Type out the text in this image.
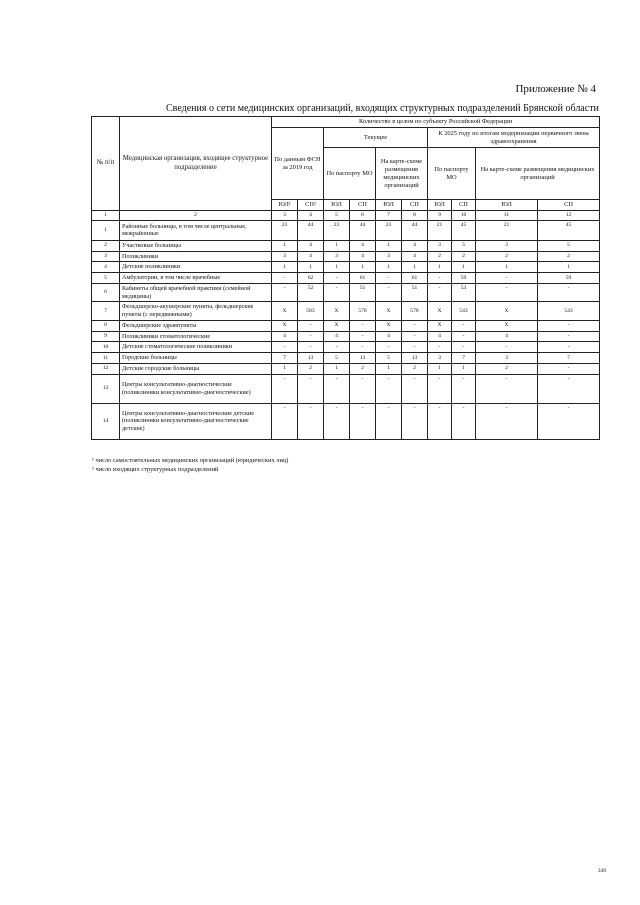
Приложение № 4
Сведения о сети медицинских организаций, входящих структурных подразделений Брянской области
№ п/п	Медицинская организация, входящее структурное подразделение	Количество в целом по субъекту Российской Федерации									
		По данным ФСН за 2019 год		Текущее				К 2025 году по итогам модернизации первичного звена здравоохранения			
				По паспорту МО		На карте-схеме размещения медицинских организаций		По паспорту МО		На карте-схеме размещения медицинских организаций	
		ЮЛ¹	СП²	ЮЛ	СП	ЮЛ	СП	ЮЛ	СП	ЮЛ	СП
1	2	3	4	5	6	7	8	9	10	11	12
1	Районные больницы, в том числе центральные, межрайонные	23	44	23	44	23	44	21	45	21	45
2	Участковые больницы	1	4	1	4	1	4	3	5	3	5
3	Поликлиники	3	4	3	4	3	4	2	2	2	2
4	Детские поликлиники	1	1	1	1	1	1	1	1	1	1
5	Амбулатории, в том числе врачебные	-	62	-	61	-	61	-	59	-	59
6	Кабинеты общей врачебной практики (семейной медицины)	-	52	-	51	-	51	-	53	-	-
7	Фельдшерско-акушерские пункты, фельдшерские пункты (с передвижными)	X	583	X	578	X	578	X	543	X	543
8	Фельдшерские здравпункты	X	-	X	-	X	-	X	-	X	-
9	Поликлиники стоматологические	4	-	4	-	4	-	4	-	4	-
10	Детские стоматологические поликлиники	-	-	-	-	-	-	-	-	-	-
11	Городские больницы	7	13	5	13	5	13	3	7	3	7
12	Детские городские больницы	1	2	1	2	1	2	1	1	2	-
13	Центры консультативно-диагностические (поликлиники консультативно-диагностические)	-	-	-	-	-	-	-	-	-	-
14	Центры консультативно-диагностические детские (поликлиники консультативно-диагностические детские)	-	-	-	-	-	-	-	-	-	-
¹ число самостоятельных медицинских организаций (юридических лиц)
² число входящих структурных подразделений
349
